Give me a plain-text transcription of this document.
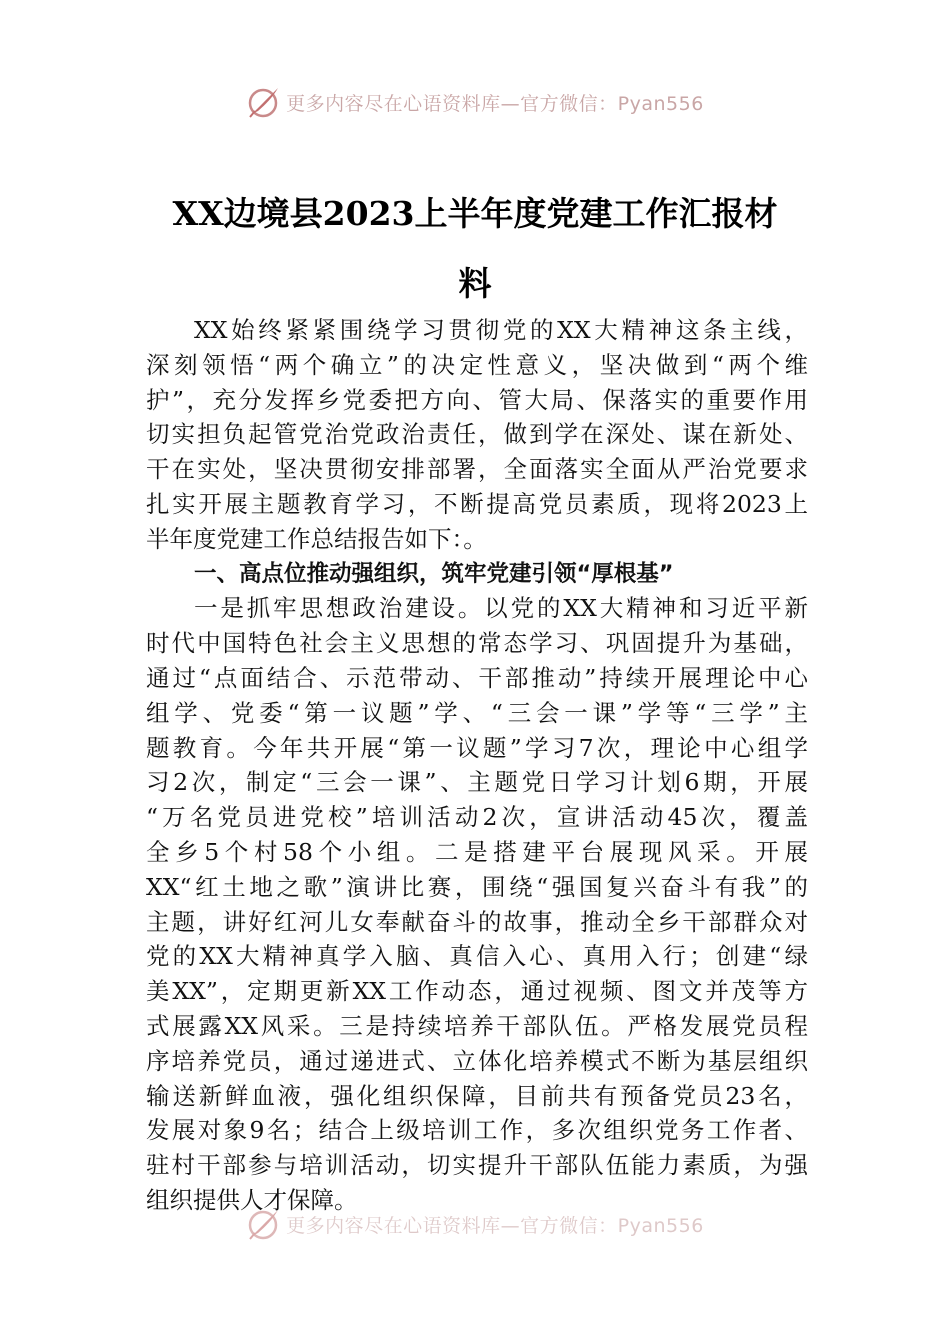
更多内容尽在心语资料库—官方微信：Pyan556
XX边境县2023上半年度党建工作汇报材
料
XX始终紧紧围绕学习贯彻党的XX大精神这条主线，
深刻领悟“两个确立”的决定性意义，坚决做到“两个维
护”，充分发挥乡党委把方向、管大局、保落实的重要作用
切实担负起管党治党政治责任，做到学在深处、谋在新处、
干在实处，坚决贯彻安排部署，全面落实全面从严治党要求
扎实开展主题教育学习，不断提高党员素质，现将2023上
半年度党建工作总结报告如下：。
一、高点位推动强组织，筑牢党建引领“厚根基”
一是抓牢思想政治建设。以党的XX大精神和习近平新
时代中国特色社会主义思想的常态学习、巩固提升为基础，
通过“点面结合、示范带动、干部推动”持续开展理论中心
组学、党委“第一议题”学、“三会一课”学等“三学”主
题教育。今年共开展“第一议题”学习7次，理论中心组学
习2次，制定“三会一课”、主题党日学习计划6期，开展
“万名党员进党校”培训活动2次，宣讲活动45次，覆盖
全乡5个村58个小组。二是搭建平台展现风采。开展
XX“红土地之歌”演讲比赛，围绕“强国复兴奋斗有我”的
主题，讲好红河儿女奉献奋斗的故事，推动全乡干部群众对
党的XX大精神真学入脑、真信入心、真用入行；创建“绿
美XX”，定期更新XX工作动态，通过视频、图文并茂等方
式展露XX风采。三是持续培养干部队伍。严格发展党员程
序培养党员，通过递进式、立体化培养模式不断为基层组织
输送新鲜血液，强化组织保障，目前共有预备党员23名，
发展对象9名；结合上级培训工作，多次组织党务工作者、
驻村干部参与培训活动，切实提升干部队伍能力素质，为强
组织提供人才保障。
更多内容尽在心语资料库—官方微信：Pyan556
